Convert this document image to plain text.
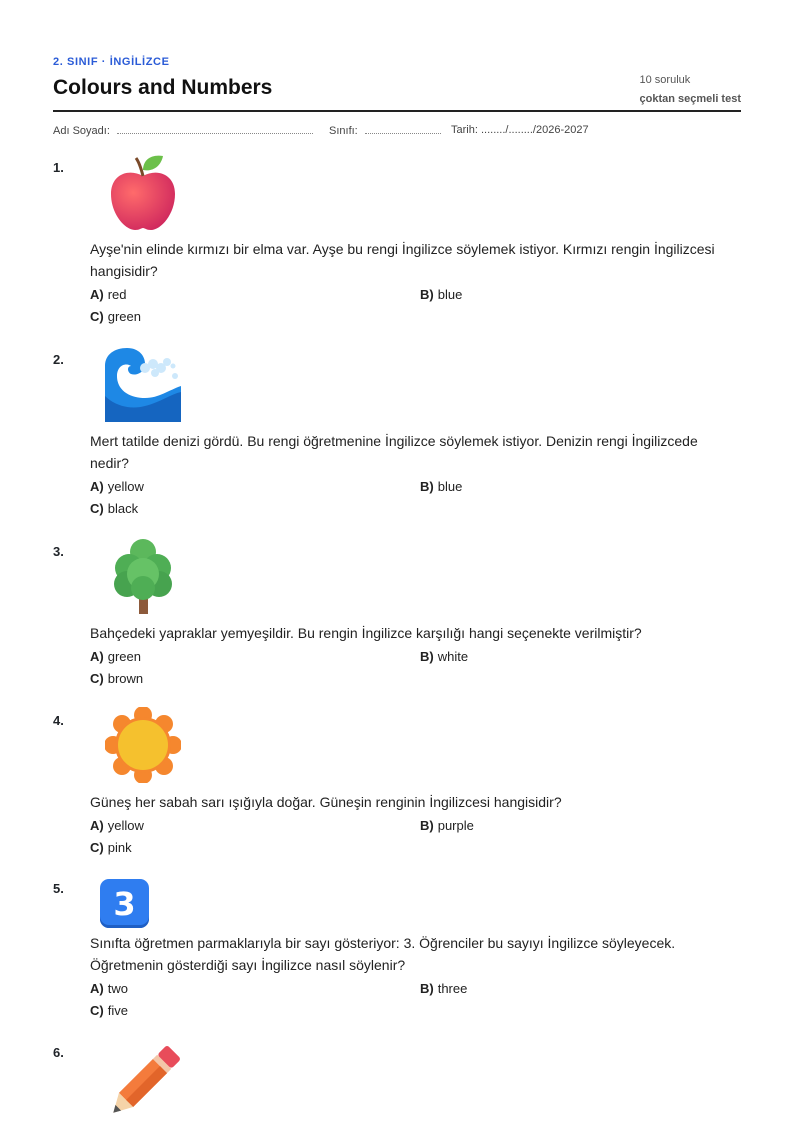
2. SINIF · İNGİLİZCE
Colours and Numbers	10 soruluk
çoktan seçmeli test
Adı Soyadı:	Sınıfı:	Tarih: ......../......../2026-2027
1.
Ayşe'nin elinde kırmızı bir elma var. Ayşe bu rengi İngilizce söylemek istiyor. Kırmızı rengin İngilizcesi hangisidir?
A) red	B) blue
C) green
2.
Mert tatilde denizi gördü. Bu rengi öğretmenine İngilizce söylemek istiyor. Denizin rengi İngilizcede nedir?
A) yellow	B) blue
C) black
3.
Bahçedeki yapraklar yemyeşildir. Bu rengin İngilizce karşılığı hangi seçenekte verilmiştir?
A) green	B) white
C) brown
4.
Güneş her sabah sarı ışığıyla doğar. Güneşin renginin İngilizcesi hangisidir?
A) yellow	B) purple
C) pink
5.	3
Sınıfta öğretmen parmaklarıyla bir sayı gösteriyor: 3. Öğrenciler bu sayıyı İngilizce söyleyecek. Öğretmenin gösterdiği sayı İngilizce nasıl söylenir?
A) two	B) three
C) five
6.
